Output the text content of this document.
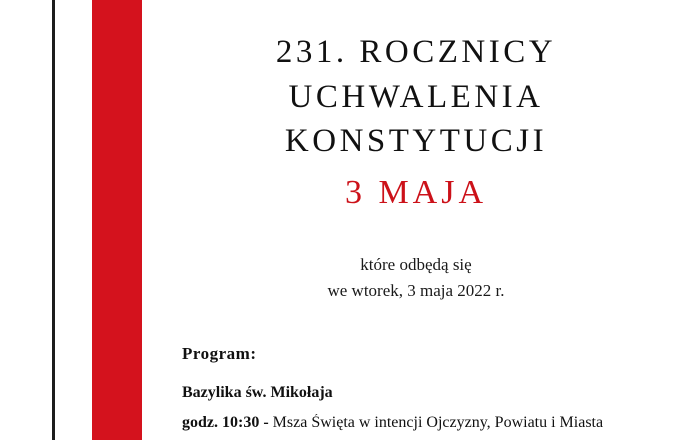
231. ROCZNICY
UCHWALENIA
KONSTYTUCJI
3 MAJA
które odbędą się
we wtorek, 3 maja 2022 r.
Program:
Bazylika św. Mikołaja
godz. 10:30 - Msza Święta w intencji Ojczyzny, Powiatu i Miasta
